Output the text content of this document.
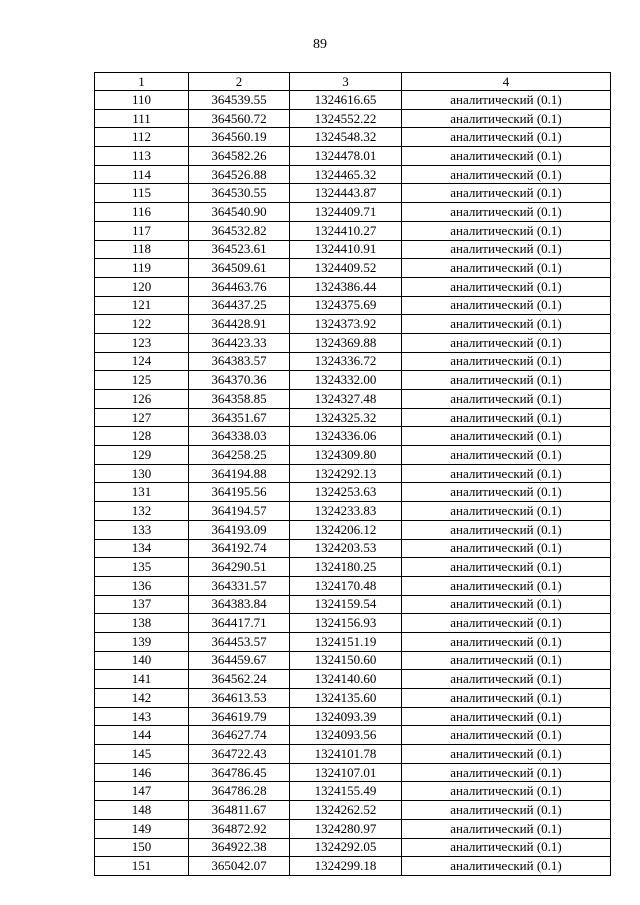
89
1	2	3	4
110	364539.55	1324616.65	аналитический (0.1)
111	364560.72	1324552.22	аналитический (0.1)
112	364560.19	1324548.32	аналитический (0.1)
113	364582.26	1324478.01	аналитический (0.1)
114	364526.88	1324465.32	аналитический (0.1)
115	364530.55	1324443.87	аналитический (0.1)
116	364540.90	1324409.71	аналитический (0.1)
117	364532.82	1324410.27	аналитический (0.1)
118	364523.61	1324410.91	аналитический (0.1)
119	364509.61	1324409.52	аналитический (0.1)
120	364463.76	1324386.44	аналитический (0.1)
121	364437.25	1324375.69	аналитический (0.1)
122	364428.91	1324373.92	аналитический (0.1)
123	364423.33	1324369.88	аналитический (0.1)
124	364383.57	1324336.72	аналитический (0.1)
125	364370.36	1324332.00	аналитический (0.1)
126	364358.85	1324327.48	аналитический (0.1)
127	364351.67	1324325.32	аналитический (0.1)
128	364338.03	1324336.06	аналитический (0.1)
129	364258.25	1324309.80	аналитический (0.1)
130	364194.88	1324292.13	аналитический (0.1)
131	364195.56	1324253.63	аналитический (0.1)
132	364194.57	1324233.83	аналитический (0.1)
133	364193.09	1324206.12	аналитический (0.1)
134	364192.74	1324203.53	аналитический (0.1)
135	364290.51	1324180.25	аналитический (0.1)
136	364331.57	1324170.48	аналитический (0.1)
137	364383.84	1324159.54	аналитический (0.1)
138	364417.71	1324156.93	аналитический (0.1)
139	364453.57	1324151.19	аналитический (0.1)
140	364459.67	1324150.60	аналитический (0.1)
141	364562.24	1324140.60	аналитический (0.1)
142	364613.53	1324135.60	аналитический (0.1)
143	364619.79	1324093.39	аналитический (0.1)
144	364627.74	1324093.56	аналитический (0.1)
145	364722.43	1324101.78	аналитический (0.1)
146	364786.45	1324107.01	аналитический (0.1)
147	364786.28	1324155.49	аналитический (0.1)
148	364811.67	1324262.52	аналитический (0.1)
149	364872.92	1324280.97	аналитический (0.1)
150	364922.38	1324292.05	аналитический (0.1)
151	365042.07	1324299.18	аналитический (0.1)
